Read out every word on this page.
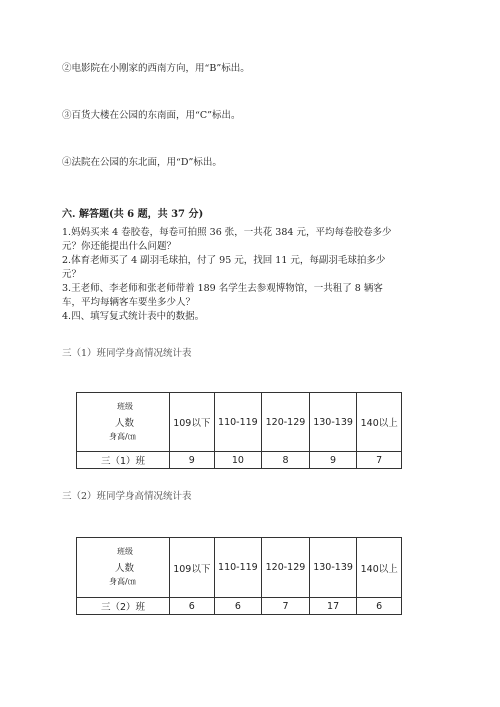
②电影院在小刚家的西南方向，用“B”标出。
③百货大楼在公园的东南面，用“C”标出。
④法院在公园的东北面，用“D”标出。
六. 解答题(共 6 题，共 37 分)
1.妈妈买来 4 卷胶卷，每卷可拍照 36 张，一共花 384 元，平均每卷胶卷多少
元？你还能提出什么问题？
2.体育老师买了 4 副羽毛球拍，付了 95 元，找回 11 元，每副羽毛球拍多少
元？
3.王老师、李老师和张老师带着 189 名学生去参观博物馆，一共租了 8 辆客
车，平均每辆客车要坐多少人？
4.四、填写复式统计表中的数据。
三（1）班同学身高情况统计表
班级
人数
身高/㎝	109以下	110-119	120-129	130-139	140以上
三（1）班	9	10	8	9	7
三（2）班同学身高情况统计表
班级
人数
身高/㎝	109以下	110-119	120-129	130-139	140以上
三（2）班	6	6	7	17	6
